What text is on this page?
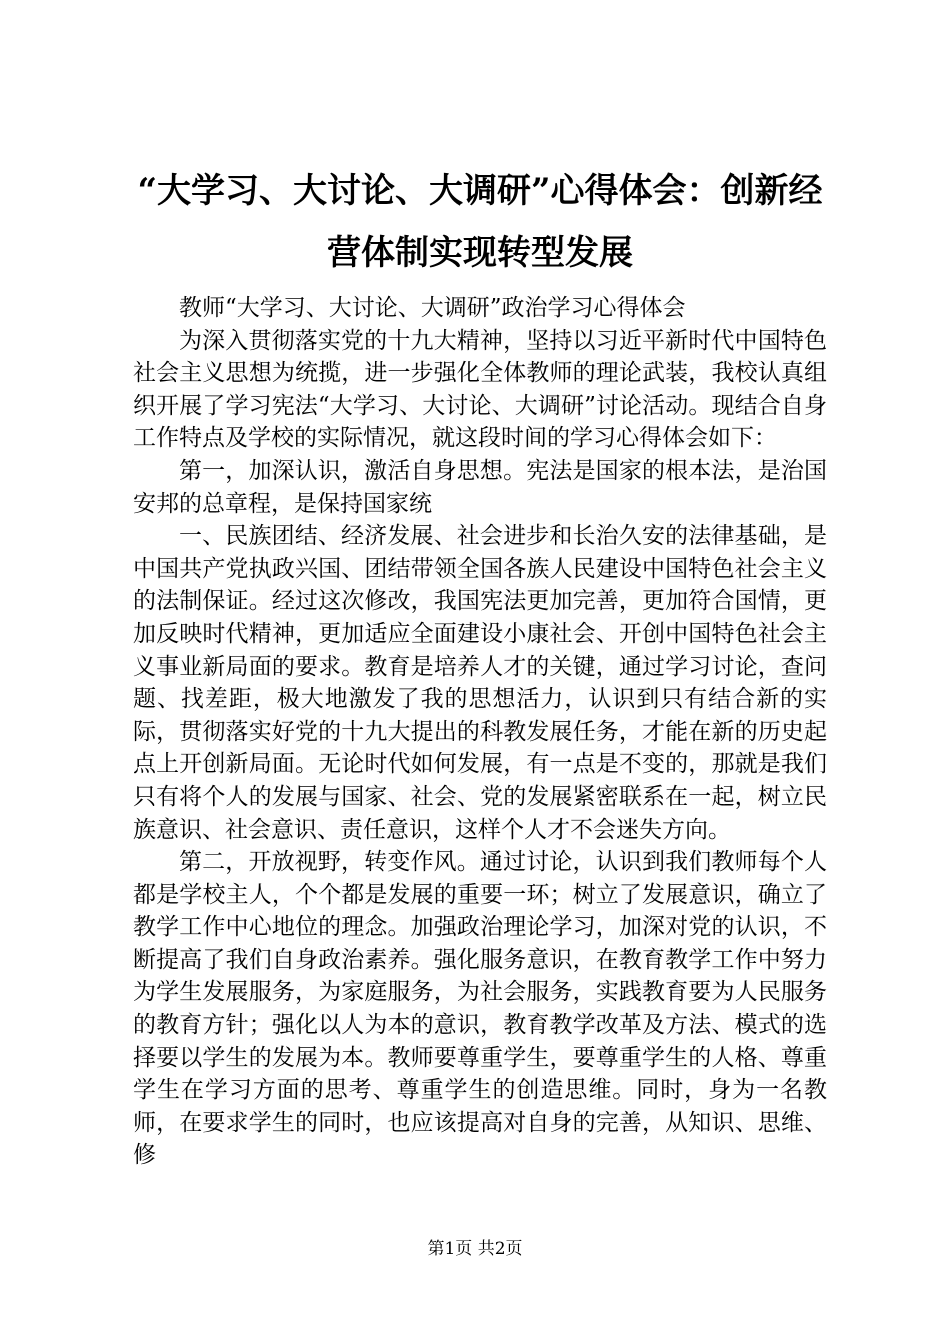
“大学习、大讨论、大调研”心得体会：创新经营体制实现转型发展

教师“大学习、大讨论、大调研”政治学习心得体会

为深入贯彻落实党的十九大精神，坚持以习近平新时代中国特色社会主义思想为统揽，进一步强化全体教师的理论武装，我校认真组织开展了学习宪法“大学习、大讨论、大调研”讨论活动。现结合自身工作特点及学校的实际情况，就这段时间的学习心得体会如下：

第一，加深认识，激活自身思想。宪法是国家的根本法，是治国安邦的总章程，是保持国家统

一、民族团结、经济发展、社会进步和长治久安的法律基础，是中国共产党执政兴国、团结带领全国各族人民建设中国特色社会主义的法制保证。经过这次修改，我国宪法更加完善，更加符合国情，更加反映时代精神，更加适应全面建设小康社会、开创中国特色社会主义事业新局面的要求。教育是培养人才的关键，通过学习讨论，查问题、找差距，极大地激发了我的思想活力，认识到只有结合新的实际，贯彻落实好党的十九大提出的科教发展任务，才能在新的历史起点上开创新局面。无论时代如何发展，有一点是不变的，那就是我们只有将个人的发展与国家、社会、党的发展紧密联系在一起，树立民族意识、社会意识、责任意识，这样个人才不会迷失方向。

第二，开放视野，转变作风。通过讨论，认识到我们教师每个人都是学校主人，个个都是发展的重要一环；树立了发展意识，确立了教学工作中心地位的理念。加强政治理论学习，加深对党的认识，不断提高了我们自身政治素养。强化服务意识，在教育教学工作中努力为学生发展服务，为家庭服务，为社会服务，实践教育要为人民服务的教育方针；强化以人为本的意识，教育教学改革及方法、模式的选择要以学生的发展为本。教师要尊重学生，要尊重学生的人格、尊重学生在学习方面的思考、尊重学生的创造思维。同时，身为一名教师，在要求学生的同时，也应该提高对自身的完善，从知识、思维、修

第1页 共2页
